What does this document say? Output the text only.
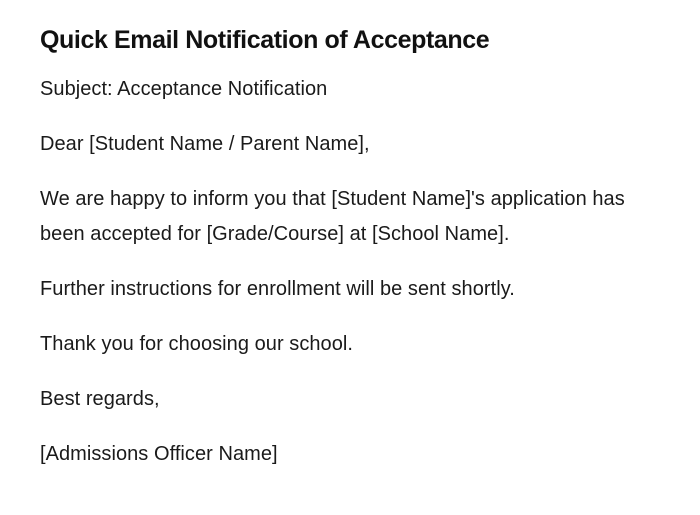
Quick Email Notification of Acceptance

Subject: Acceptance Notification

Dear [Student Name / Parent Name],

We are happy to inform you that [Student Name]'s application has been accepted for [Grade/Course] at [School Name].

Further instructions for enrollment will be sent shortly.

Thank you for choosing our school.

Best regards,

[Admissions Officer Name]
